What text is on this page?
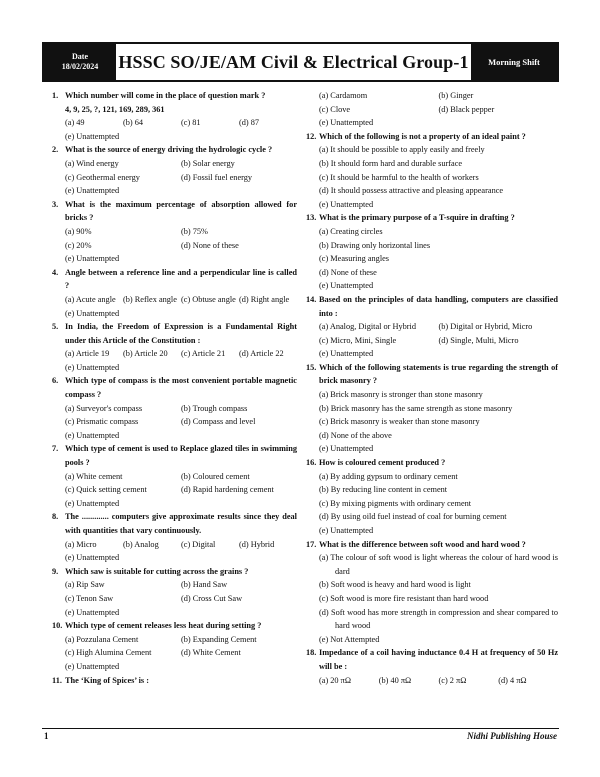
Date
18/02/2024 HSSC SO/JE/AM Civil & Electrical Group-1	Morning Shift
1. Which number will come in the place of question mark ?
4, 9, 25, ?, 121, 169, 289, 361
(a) 49	(b) 64	(c) 81	(d) 87
(e) Unattempted
2. What is the source of energy driving the hydrologic cycle ?
(a) Wind energy	(b) Solar energy
(c) Geothermal energy	(d) Fossil fuel energy
(e) Unattempted
3. What is the maximum percentage of absorption allowed for bricks ?
(a) 90%	(b) 75%
(c) 20%	(d) None of these
(e) Unattempted
4. Angle between a reference line and a perpendicular line is called ?
(a) Acute angle (b) Reflex angle (c) Obtuse angle (d) Right angle
(e) Unattempted
5. In India, the Freedom of Expression is a Fundamental Right under this Article of the Constitution :
(a) Article 19	(b) Article 20	(c) Article 21	(d) Article 22
(e) Unattempted
6. Which type of compass is the most convenient portable magnetic compass ?
(a) Surveyor's compass	(b) Trough compass
(c) Prismatic compass	(d) Compass and level
(e) Unattempted
7. Which type of cement is used to Replace glazed tiles in swimming pools ?
(a) White cement	(b) Coloured cement
(c) Quick setting cement	(d) Rapid hardening cement
(e) Unattempted
8. The ............. computers give approximate results since they deal with quantities that vary continuously.
(a) Micro	(b) Analog	(c) Digital	(d) Hybrid
(e) Unattempted
9. Which saw is suitable for cutting across the grains ?
(a) Rip Saw	(b) Hand Saw
(c) Tenon Saw	(d) Cross Cut Saw
(e) Unattempted
10. Which type of cement releases less heat during setting ?
(a) Pozzulana Cement	(b) Expanding Cement
(c) High Alumina Cement	(d) White Cement
(e) Unattempted
11. The ‘King of Spices’ is :
(a) Cardamom	(b) Ginger
(c) Clove	(d) Black pepper
(e) Unattempted
12. Which of the following is not a property of an ideal paint ?
(a) It should be possible to apply easily and freely
(b) It should form hard and durable surface
(c) It should be harmful to the health of workers
(d) It should possess attractive and pleasing appearance
(e) Unattempted
13. What is the primary purpose of a T-squire in drafting ?
(a) Creating circles
(b) Drawing only horizontal lines
(c) Measuring angles
(d) None of these
(e) Unattempted
14. Based on the principles of data handling, computers are classified into :
(a) Analog, Digital or Hybrid	(b) Digital or Hybrid, Micro
(c) Micro, Mini, Single	(d) Single, Multi, Micro
(e) Unattempted
15. Which of the following statements is true regarding the strength of brick masonry ?
(a) Brick masonry is stronger than stone masonry
(b) Brick masonry has the same strength as stone masonry
(c) Brick masonry is weaker than stone masonry
(d) None of the above
(e) Unattempted
16. How is coloured cement produced ?
(a) By adding gypsum to ordinary cement
(b) By reducing line content in cement
(c) By mixing pigments with ordinary cement
(d) By using oild fuel instead of coal for burning cement
(e) Unattempted
17. What is the difference between soft wood and hard wood ?
(a) The colour of soft wood is light whereas the colour of hard wood is dard
(b) Soft wood is heavy and hard wood is light
(c) Soft wood is more fire resistant than hard wood
(d) Soft wood has more strength in compression and shear compared to hard wood
(e) Not Attempted
18. Impedance of a coil having inductance 0.4 H at frequency of 50 Hz will be :
(a) 20 πΩ	(b) 40 πΩ	(c) 2 πΩ	(d) 4 πΩ
1	Nidhi Publishing House
